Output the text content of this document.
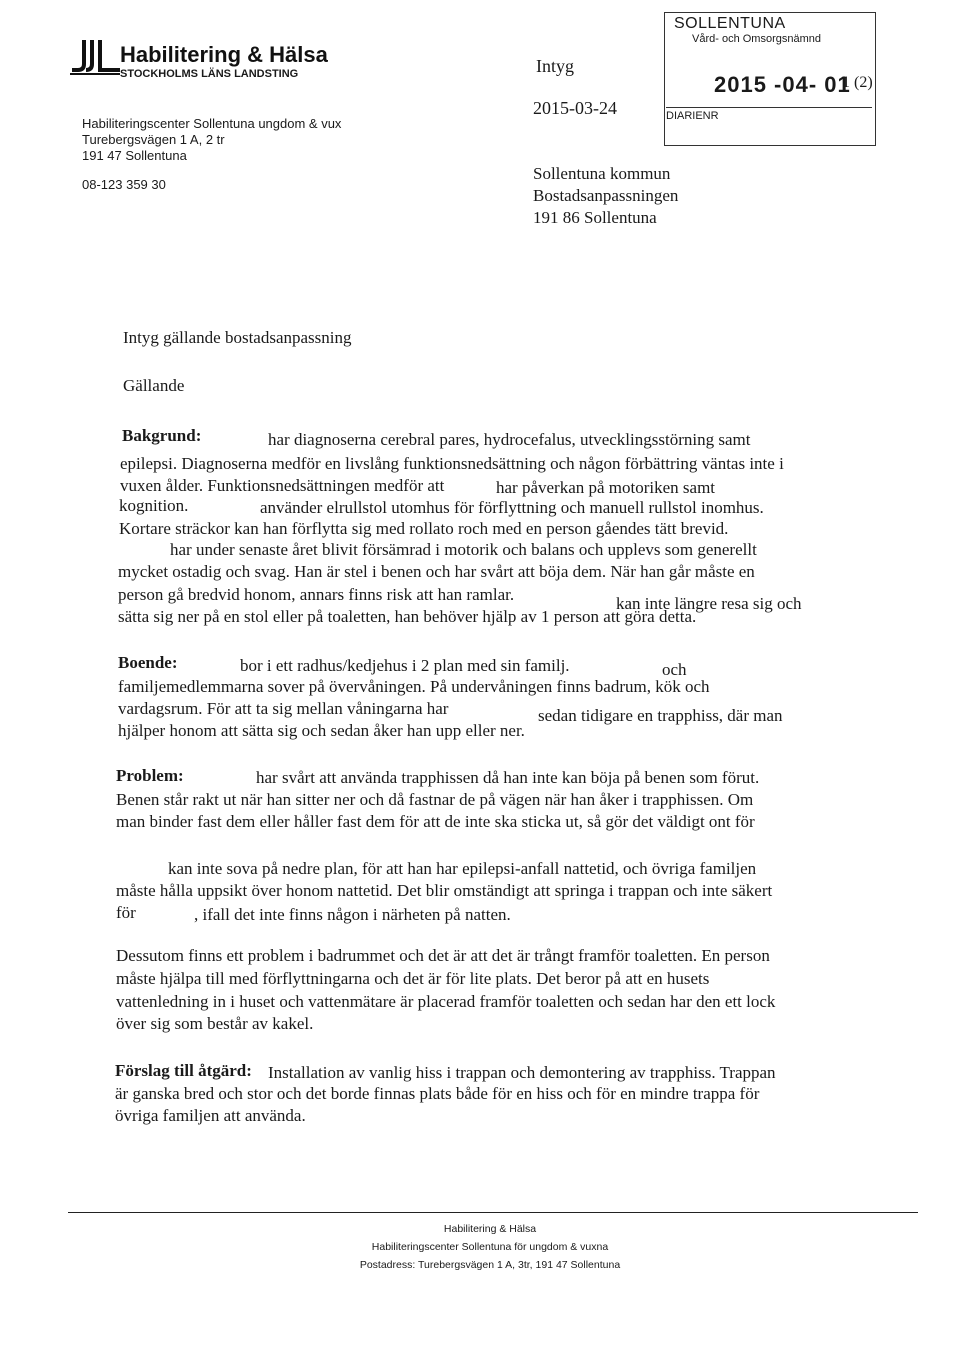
Habilitering & Hälsa
STOCKHOLMS LÄNS LANDSTING
Habiliteringscenter Sollentuna ungdom & vux
Turebergsvägen 1 A, 2 tr
191 47 Sollentuna
08-123 359 30
Intyg
2015-03-24
Sollentuna kommun
Bostadsanpassningen
191 86 Sollentuna
SOLLENTUNA
Vård- och Omsorgsnämnd
2015 -04- 01
1 (2)
DIARIENR
Intyg gällande bostadsanpassning
Gällande
Bakgrund:	har diagnoserna cerebral pares, hydrocefalus, utvecklingsstörning samt
epilepsi. Diagnoserna medför en livslång funktionsnedsättning och någon förbättring väntas inte i
vuxen ålder. Funktionsnedsättningen medför att	har påverkan på motoriken samt
kognition.	använder elrullstol utomhus för förflyttning och manuell rullstol inomhus.
Kortare sträckor kan han förflytta sig med rollato roch med en person gåendes tätt brevid.
har under senaste året blivit försämrad i motorik och balans och upplevs som generellt
mycket ostadig och svag. Han är stel i benen och har svårt att böja dem. När han går måste en
person gå bredvid honom, annars finns risk att han ramlar.	kan inte längre resa sig och
sätta sig ner på en stol eller på toaletten, han behöver hjälp av 1 person att göra detta.
Boende:	bor i ett radhus/kedjehus i 2 plan med sin familj.	och
familjemedlemmarna sover på övervåningen. På undervåningen finns badrum, kök och
vardagsrum. För att ta sig mellan våningarna har	sedan tidigare en trapphiss, där man
hjälper honom att sätta sig och sedan åker han upp eller ner.
Problem:	har svårt att använda trapphissen då han inte kan böja på benen som förut.
Benen står rakt ut när han sitter ner och då fastnar de på vägen när han åker i trapphissen. Om
man binder fast dem eller håller fast dem för att de inte ska sticka ut, så gör det väldigt ont för
kan inte sova på nedre plan, för att han har epilepsi-anfall nattetid, och övriga familjen
måste hålla uppsikt över honom nattetid. Det blir omständigt att springa i trappan och inte säkert
för	, ifall det inte finns någon i närheten på natten.
Dessutom finns ett problem i badrummet och det är att det är trångt framför toaletten. En person
måste hjälpa till med förflyttningarna och det är för lite plats. Det beror på att en husets
vattenledning in i huset och vattenmätare är placerad framför toaletten och sedan har den ett lock
över sig som består av kakel.
Förslag till åtgärd: Installation av vanlig hiss i trappan och demontering av trapphiss. Trappan
är ganska bred och stor och det borde finnas plats både för en hiss och för en mindre trappa för
övriga familjen att använda.
Habilitering & Hälsa
Habiliteringscenter Sollentuna för ungdom & vuxna
Postadress: Turebergsvägen 1 A, 3tr, 191 47 Sollentuna
